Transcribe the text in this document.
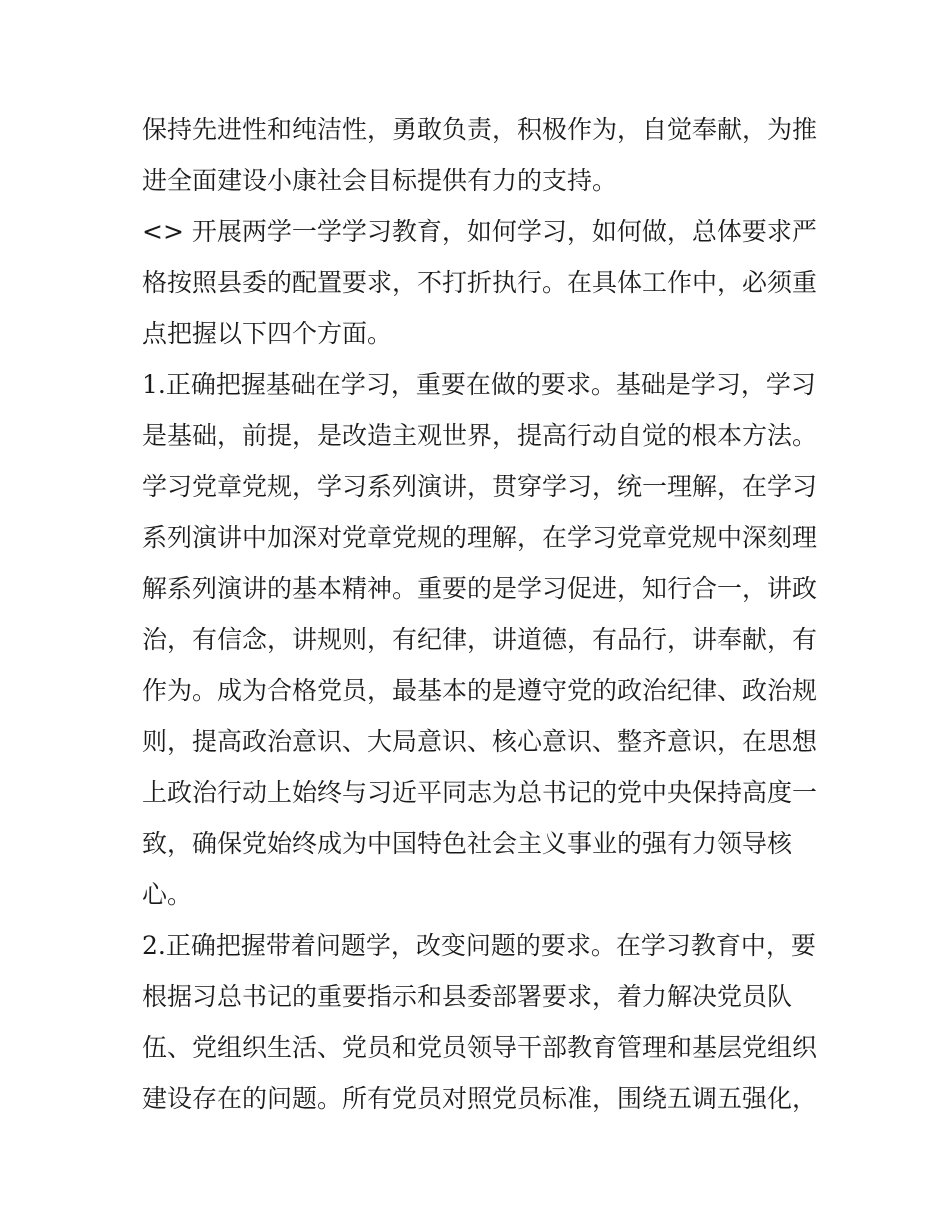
保持先进性和纯洁性，勇敢负责，积极作为，自觉奉献，为推
进全面建设小康社会目标提供有力的支持。
<> 开展两学一学学习教育，如何学习，如何做，总体要求严
格按照县委的配置要求，不打折执行。在具体工作中，必须重
点把握以下四个方面。
1.正确把握基础在学习，重要在做的要求。基础是学习，学习
是基础，前提，是改造主观世界，提高行动自觉的根本方法。
学习党章党规，学习系列演讲，贯穿学习，统一理解，在学习
系列演讲中加深对党章党规的理解，在学习党章党规中深刻理
解系列演讲的基本精神。重要的是学习促进，知行合一，讲政
治，有信念，讲规则，有纪律，讲道德，有品行，讲奉献，有
作为。成为合格党员，最基本的是遵守党的政治纪律、政治规
则，提高政治意识、大局意识、核心意识、整齐意识，在思想
上政治行动上始终与习近平同志为总书记的党中央保持高度一
致，确保党始终成为中国特色社会主义事业的强有力领导核
心。
2.正确把握带着问题学，改变问题的要求。在学习教育中，要
根据习总书记的重要指示和县委部署要求，着力解决党员队
伍、党组织生活、党员和党员领导干部教育管理和基层党组织
建设存在的问题。所有党员对照党员标准，围绕五调五强化，
